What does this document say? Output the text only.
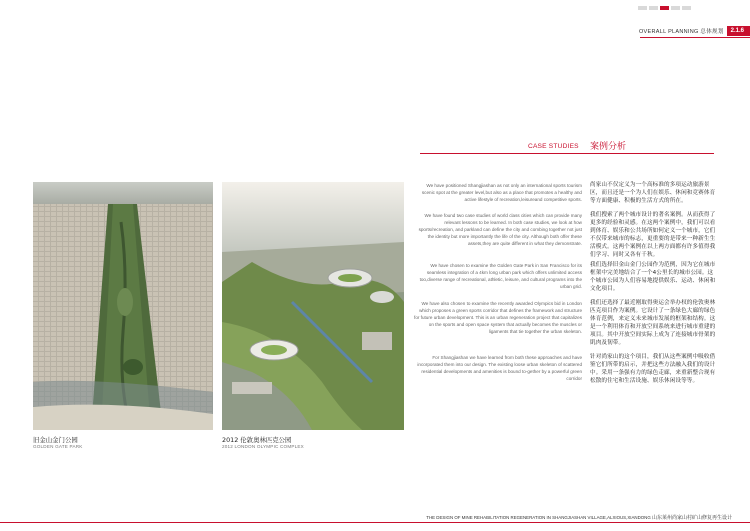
OVERALL PLANNING 总体规划	2.1.6
CASE STUDIES 案例分析
旧金山金门公园
GOLDEN GATE PARK
2012 伦敦奥林匹克公园
2012 LONDON OLYMPIC COMPLEX
We have positioned Shangjiashan as not only an international sports tourism scenic spot at the greater level,but also as a place that promotes a healthy and active lifestyle of recreation,leisureand competitive sports.
We have found two case studies of world class cities which can provide many relevant lessons to be learned. In both case studies, we look at how sports/recreation, and parkland can define the city and combing together not just the identity but more importantly the life of the city. Although both offer these assets,they are quite different in what they demonstrate.
We have chosen to examine the Golden Gate Park in San Francisco for its seamless integration of a 4km long urban park which offers unlimited access too,diverse range of recreational, athletic, leisure, and cultural programs into the urban grid.
We have also chosen to examine the recently awarded Olympics bid in London which proposes a green sports corridor that defines the framework and structure for future urban development. This is an urban regeneration project that capitalizes on the sports and open space system that actually becomes the muscles or ligaments that tie together the urban skeleton.
For Shangjiashan we have learned from both these approaches and have incorporated them into our design. The existing loose urban skeleton of scattered residential developments and amenities is bound to-gether by a powerful green corridor
尚家山不仅定义为一个高标准的多项运动旅游景区，而且还是一个为人们在娱乐、休闲和竞赛体育等方面健康、积极的生活方式的所在。
我们搜索了两个城市设计的著名案例。从而获得了更多的经验和灵感。在这两个案例中，我们可以看到体育、娱乐和公共场所如何定义一个城市，它们不仅带来城市的标志，更重要的是带来一种新生生活模式。这两个案例在以上两方面都有许多值得我们学习、同时又各有千秋。
我们选择旧金山金门公园作为范例，因为它在城市框架中完美地结合了一个4公里长的城市公园。这个城市公园为人们容易地提供娱乐、运动、休闲和文化项目。
我们还选择了最近刚取得奥运会举办权的伦敦奥林匹克项目作为案例。它设计了一条绿色大廊的绿色体育范例，来定义未来城市发展的框架和结构。这是一个利用体育和开放空间系统来进行城市重建的项目。其中开放空间实际上成为了连接城市骨架的肌肉及韧带。
针对尚家山的这个项目，我们从这些案例中吸收借鉴它们所带的启示，并把这些方法融入我们的设计中。采用一条强有力的绿色走廊，来重新整合现有松散的住宅和生活设施、娱乐休闲设等等。
THE DESIGN OF MINE REHABILITATION REGENERATION IN SHANGJIASHAN VILLAGE,ALXIOUS,XIANDONG 山东莱州尚家山村矿山修复再生设计
